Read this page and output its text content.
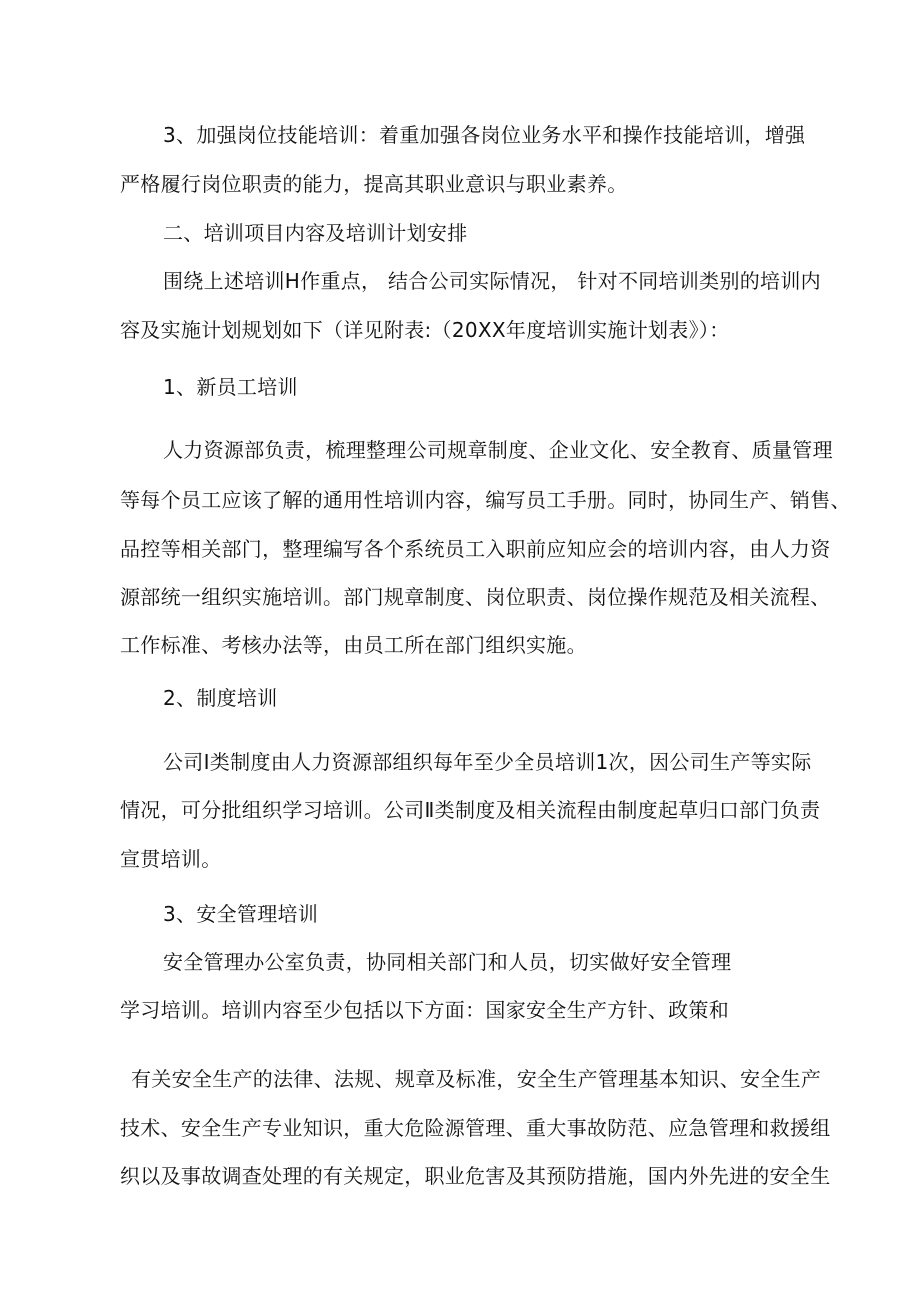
3、加强岗位技能培训：着重加强各岗位业务水平和操作技能培训，增强
严格履行岗位职责的能力，提高其职业意识与职业素养。
二、培训项目内容及培训计划安排
围绕上述培训H作重点， 结合公司实际情况， 针对不同培训类别的培训内
容及实施计划规划如下（详见附表:（20XX年度培训实施计划表》）：
1、新员工培训
人力资源部负责，梳理整理公司规章制度、企业文化、安全教育、质量管理
等每个员工应该了解的通用性培训内容，编写员工手册。同时，协同生产、销售、
品控等相关部门，整理编写各个系统员工入职前应知应会的培训内容，由人力资
源部统一组织实施培训。部门规章制度、岗位职责、岗位操作规范及相关流程、
工作标准、考核办法等，由员工所在部门组织实施。
2、制度培训
公司Ⅰ类制度由人力资源部组织每年至少全员培训1次，因公司生产等实际
情况，可分批组织学习培训。公司Ⅱ类制度及相关流程由制度起草归口部门负责
宣贯培训。
3、安全管理培训
安全管理办公室负责，协同相关部门和人员，切实做好安全管理
学习培训。培训内容至少包括以下方面：国家安全生产方针、政策和
有关安全生产的法律、法规、规章及标准，安全生产管理基本知识、安全生产
技术、安全生产专业知识，重大危险源管理、重大事故防范、应急管理和救援组
织以及事故调查处理的有关规定，职业危害及其预防措施，国内外先进的安全生
